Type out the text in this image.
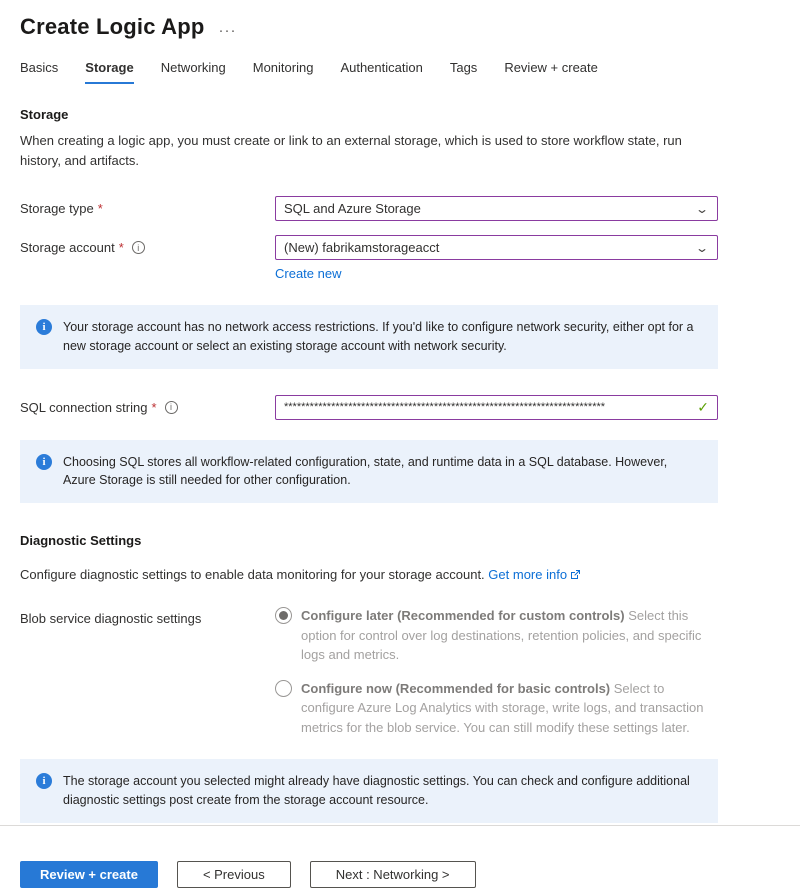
Create Logic App ···
Basics Storage Networking Monitoring Authentication Tags Review + create
Storage

When creating a logic app, you must create or link to an external storage, which is used to store workflow state, run history, and artifacts.

Storage type *	SQL and Azure Storage	⌄
Storage account * i	(New) fabrikamstorageacct	⌄
Create new
i

Your storage account has no network access restrictions. If you'd like to configure network security, either opt for a new storage account or select an existing storage account with network security.

SQL connection string * i	***************************************************************************
✓
i

Choosing SQL stores all workflow-related configuration, state, and runtime data in a SQL database. However, Azure Storage is still needed for other configuration.

Diagnostic Settings

Configure diagnostic settings to enable data monitoring for your storage account. Get more info

Blob service diagnostic settings	Configure later (Recommended for custom controls) Select this option for control over log destinations, retention policies, and specific logs and metrics.
Configure now (Recommended for basic controls) Select to configure Azure Log Analytics with storage, write logs, and transaction metrics for the blob service. You can still modify these settings later.
i

The storage account you selected might already have diagnostic settings. You can check and configure additional diagnostic settings post create from the storage account resource.

Review + create	< Previous	Next : Networking >
